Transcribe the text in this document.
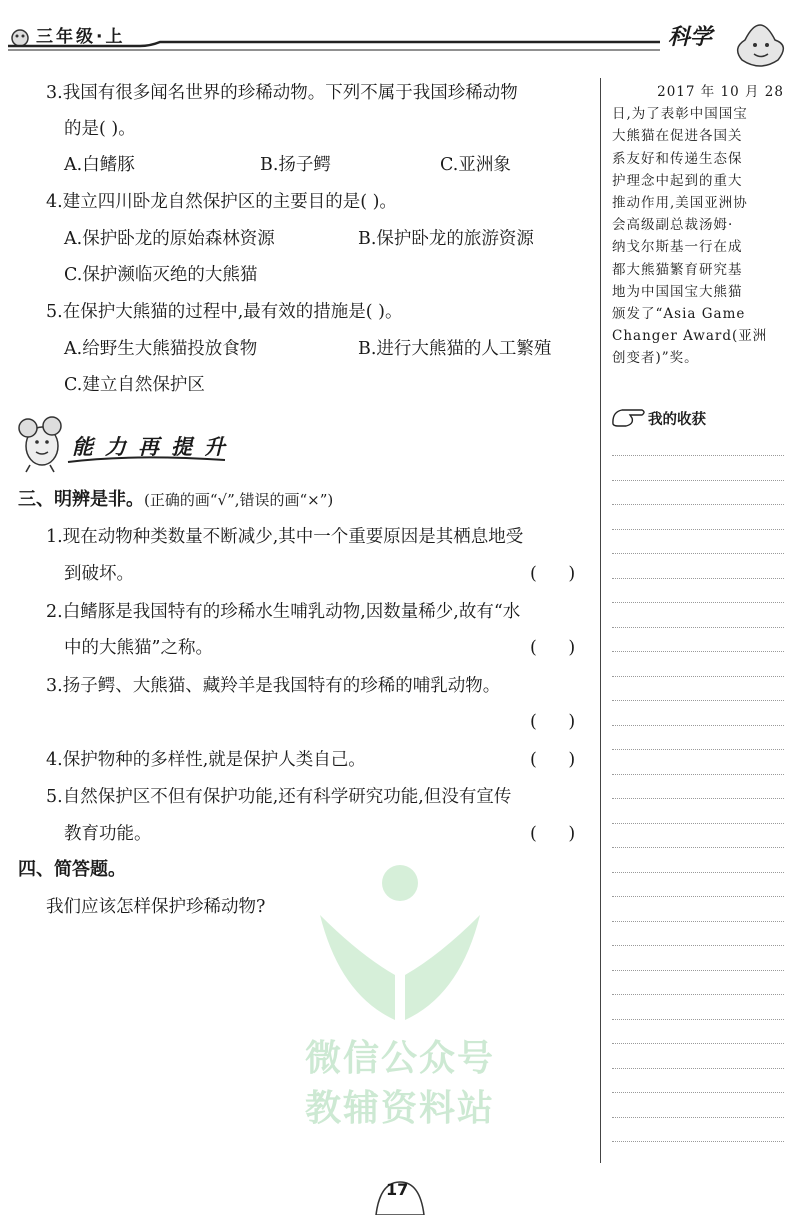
三年级·上	科学
3.我国有很多闻名世界的珍稀动物。下列不属于我国珍稀动物
的是( )。
A.白鳍豚	B.扬子鳄	C.亚洲象
4.建立四川卧龙自然保护区的主要目的是( )。
A.保护卧龙的原始森林资源	B.保护卧龙的旅游资源
C.保护濒临灭绝的大熊猫
5.在保护大熊猫的过程中,最有效的措施是( )。
A.给野生大熊猫投放食物	B.进行大熊猫的人工繁殖
C.建立自然保护区
能力再提升
三、明辨是非。(正确的画“√”,错误的画“×”)
1.现在动物种类数量不断减少,其中一个重要原因是其栖息地受
到破坏。	( )
2.白鳍豚是我国特有的珍稀水生哺乳动物,因数量稀少,故有“水
中的大熊猫”之称。	( )
3.扬子鳄、大熊猫、藏羚羊是我国特有的珍稀的哺乳动物。
( )
4.保护物种的多样性,就是保护人类自己。	( )
5.自然保护区不但有保护功能,还有科学研究功能,但没有宣传
教育功能。	( )
四、简答题。
我们应该怎样保护珍稀动物?
微信公众号
教辅资料站
2017 年 10 月 28
日,为了表彰中国国宝
大熊猫在促进各国关
系友好和传递生态保
护理念中起到的重大
推动作用,美国亚洲协
会高级副总裁汤姆·
纳戈尔斯基一行在成
都大熊猫繁育研究基
地为中国国宝大熊猫
颁发了“Asia Game
Changer Award(亚洲
创变者)”奖。
我的收获
17
